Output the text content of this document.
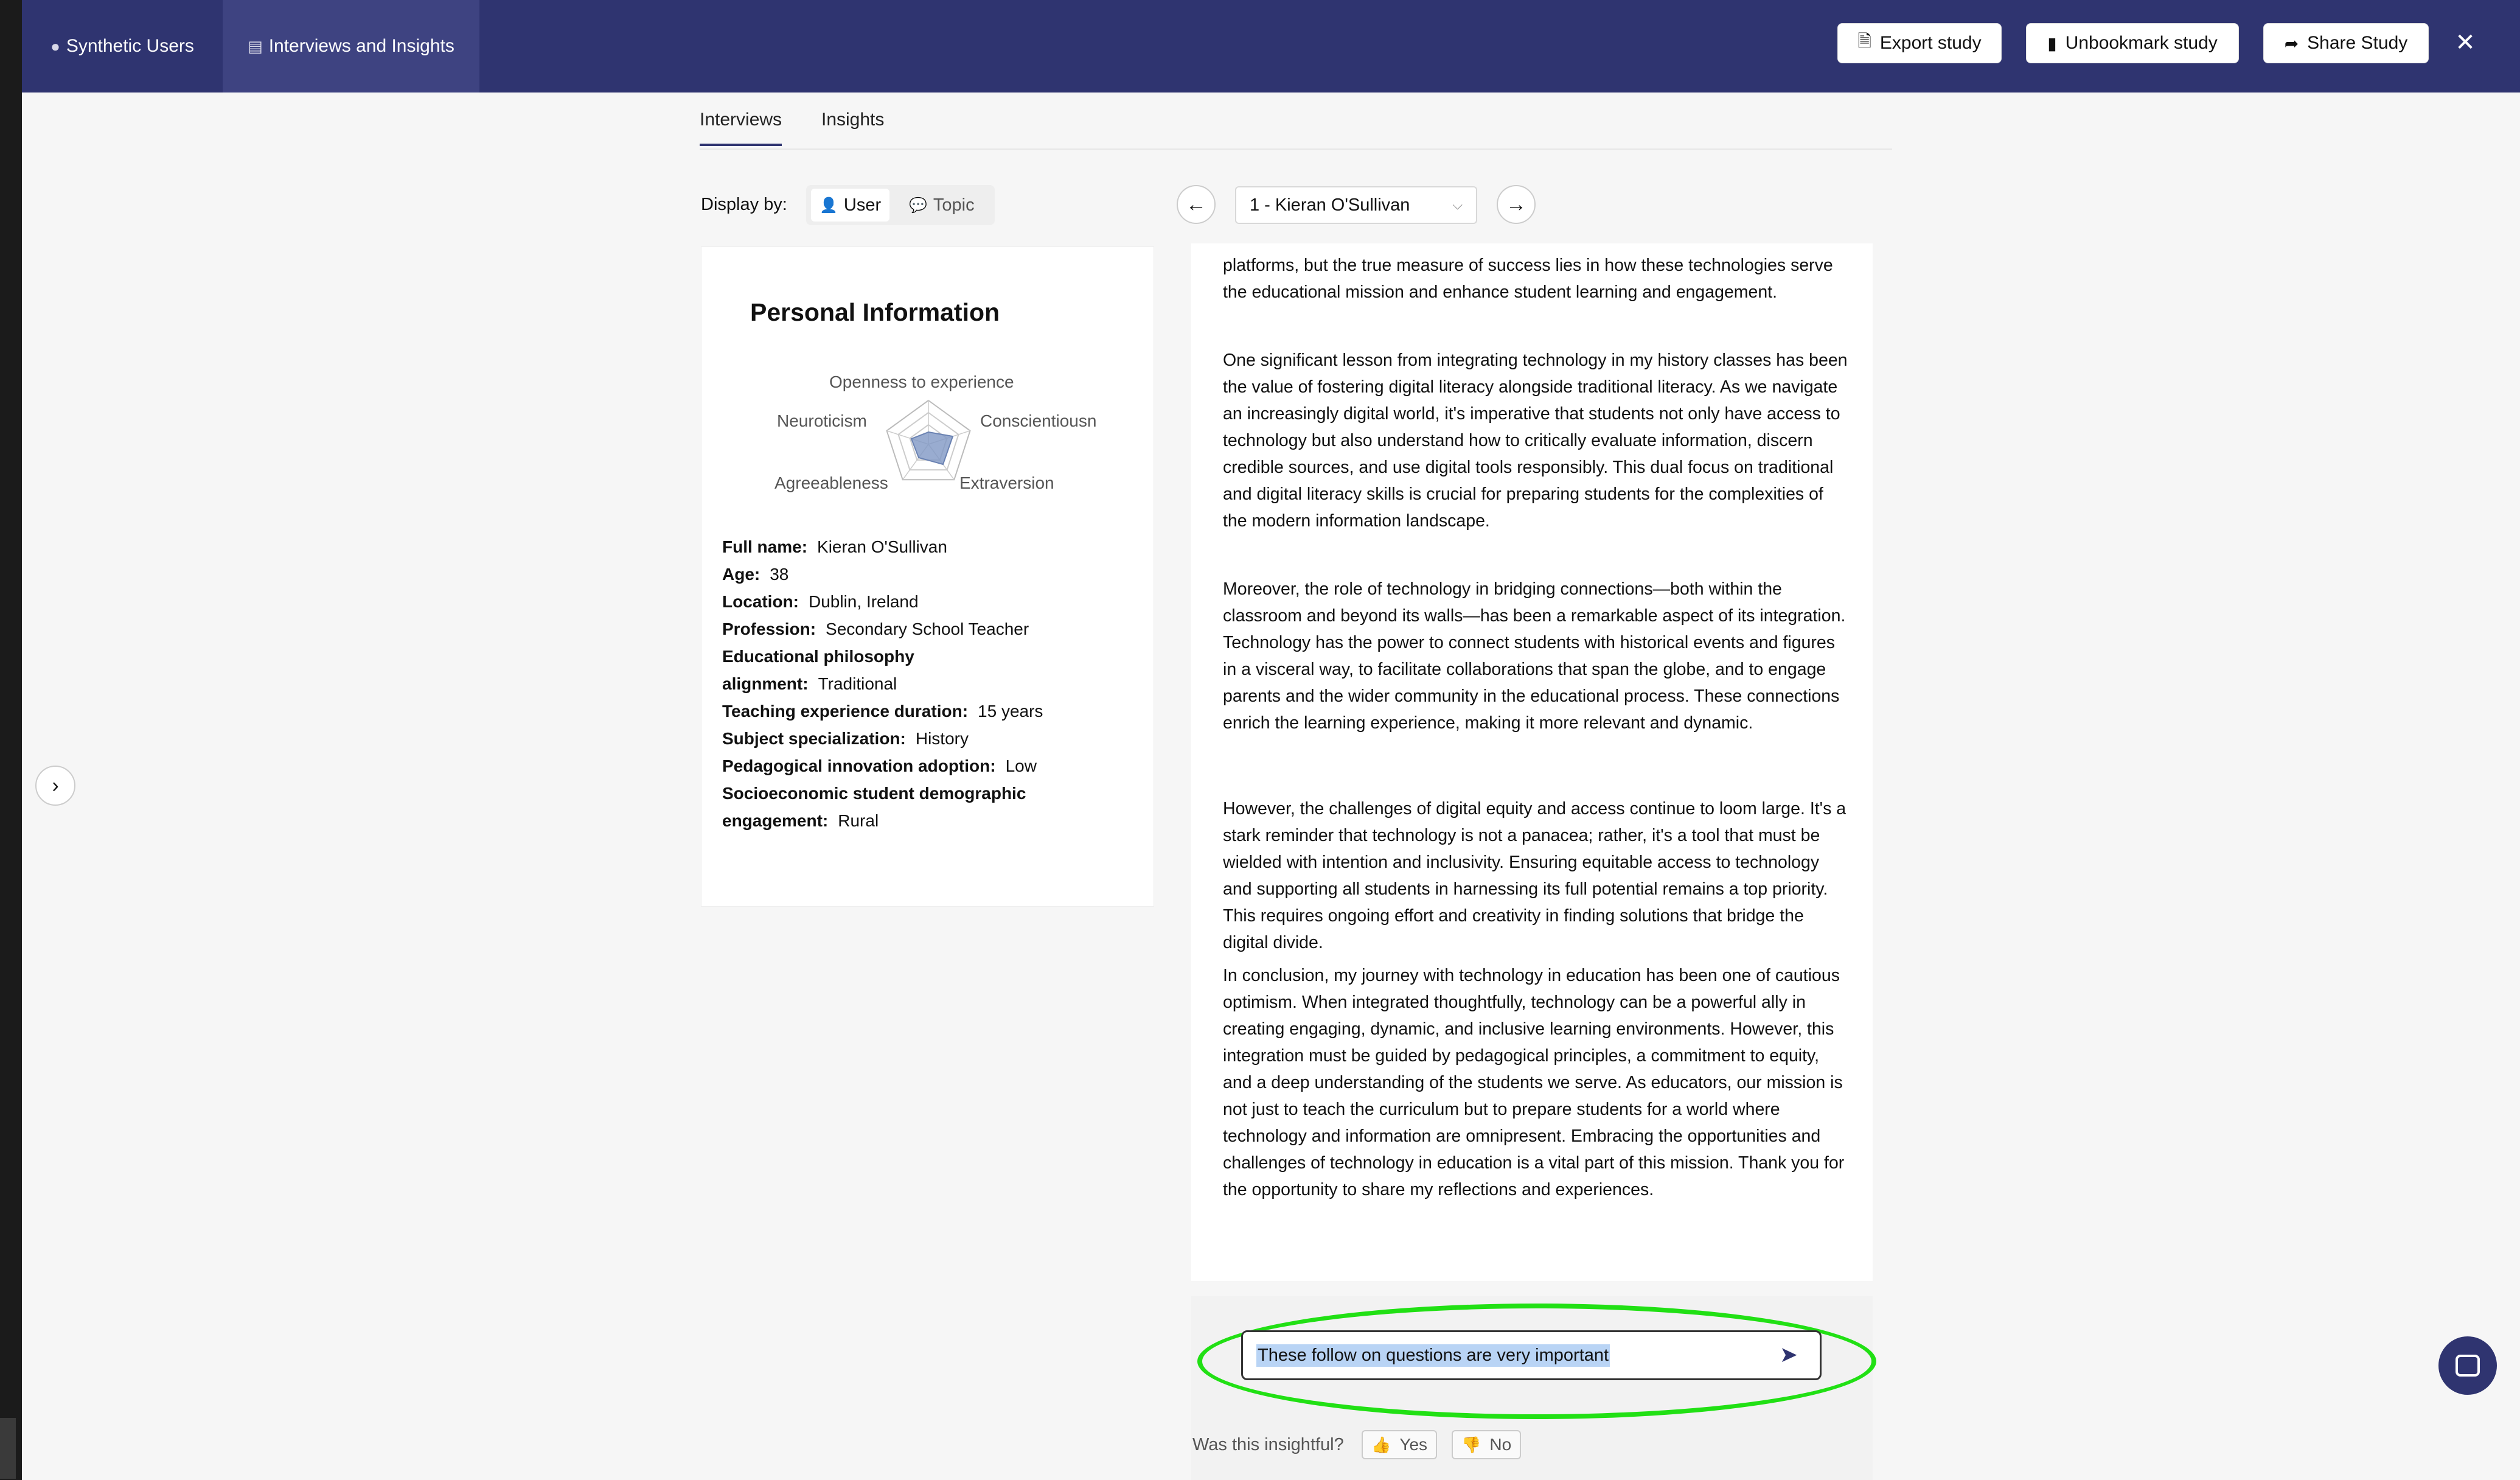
● Synthetic Users	▤ Interviews and Insights	🗎 Export study	▮ Unbookmark study	➦ Share Study	✕
Interviews Insights
Display by: 👤 User 💬 Topic	← 1 - Kieran O'Sullivan	⌵ →
›
Personal Information
Openness to experience
Conscientiousn
Extraversion
Agreeableness
Neuroticism
Full name: Kieran O'Sullivan
Age: 38
Location: Dublin, Ireland
Profession: Secondary School Teacher
Educational philosophy alignment: Traditional
Teaching experience duration: 15 years
Subject specialization: History
Pedagogical innovation adoption: Low
Socioeconomic student demographic engagement: Rural

platforms, but the true measure of success lies in how these technologies serve the educational mission and enhance student learning and engagement.

One significant lesson from integrating technology in my history classes has been the value of fostering digital literacy alongside traditional literacy. As we navigate an increasingly digital world, it's imperative that students not only have access to technology but also understand how to critically evaluate information, discern credible sources, and use digital tools responsibly. This dual focus on traditional and digital literacy skills is crucial for preparing students for the complexities of the modern information landscape.

Moreover, the role of technology in bridging connections—both within the classroom and beyond its walls—has been a remarkable aspect of its integration. Technology has the power to connect students with historical events and figures in a visceral way, to facilitate collaborations that span the globe, and to engage parents and the wider community in the educational process. These connections enrich the learning experience, making it more relevant and dynamic.

However, the challenges of digital equity and access continue to loom large. It's a stark reminder that technology is not a panacea; rather, it's a tool that must be wielded with intention and inclusivity. Ensuring equitable access to technology and supporting all students in harnessing its full potential remains a top priority. This requires ongoing effort and creativity in finding solutions that bridge the digital divide.

In conclusion, my journey with technology in education has been one of cautious optimism. When integrated thoughtfully, technology can be a powerful ally in creating engaging, dynamic, and inclusive learning environments. However, this integration must be guided by pedagogical principles, a commitment to equity, and a deep understanding of the students we serve. As educators, our mission is not just to teach the curriculum but to prepare students for a world where technology and information are omnipresent. Embracing the opportunities and challenges of technology in education is a vital part of this mission. Thank you for the opportunity to share my reflections and experiences.

These follow on questions are very important	➤
Was this insightful? 👍 Yes 👎 No
